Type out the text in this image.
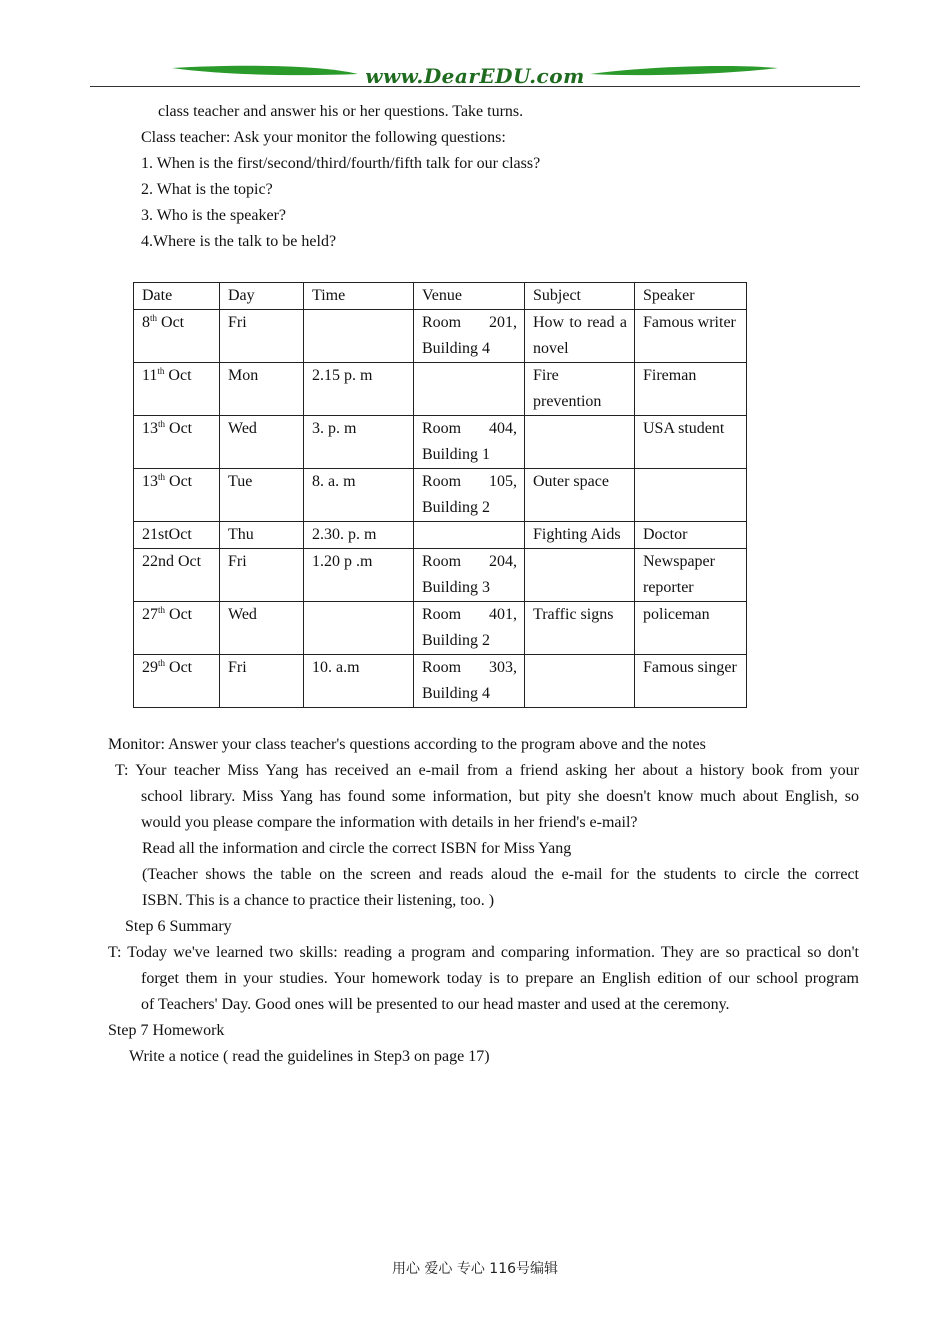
www.DearEDU.com
class teacher and answer his or her questions. Take turns.
Class teacher: Ask your monitor the following questions:
1. When is the first/second/third/fourth/fifth talk for our class?
2. What is the topic?
3. Who is the speaker?
4.Where is the talk to be held?
Date	Day	Time	Venue	Subject	Speaker
8th Oct	Fri		Room 201,
Building 4	How to read a novel	Famous writer
11th Oct	Mon	2.15 p. m		Fire prevention	Fireman
13th Oct	Wed	3. p. m	Room 404,
Building 1		USA student
13th Oct	Tue	8. a. m	Room 105,
Building 2	Outer space	
21stOct	Thu	2.30. p. m		Fighting Aids	Doctor
22nd Oct	Fri	1.20 p .m	Room 204,
Building 3		Newspaper reporter
27th Oct	Wed		Room 401,
Building 2	Traffic signs	policeman
29th Oct	Fri	10. a.m	Room 303,
Building 4		Famous singer
Monitor: Answer your class teacher's questions according to the program above and the notes
T: Your teacher Miss Yang has received an e-mail from a friend asking her about a history book from your
school library. Miss Yang has found some information, but pity she doesn't know much about English, so
would you please compare the information with details in her friend's e-mail?
Read all the information and circle the correct ISBN for Miss Yang
(Teacher shows the table on the screen and reads aloud the e-mail for the students to circle the correct
ISBN. This is a chance to practice their listening, too. )
Step 6 Summary
T: Today we've learned two skills: reading a program and comparing information. They are so practical so don't
forget them in your studies. Your homework today is to prepare an English edition of our school program
of Teachers' Day. Good ones will be presented to our head master and used at the ceremony.
Step 7 Homework
Write a notice ( read the guidelines in Step3 on page 17)
用心 爱心 专心 116号编辑
